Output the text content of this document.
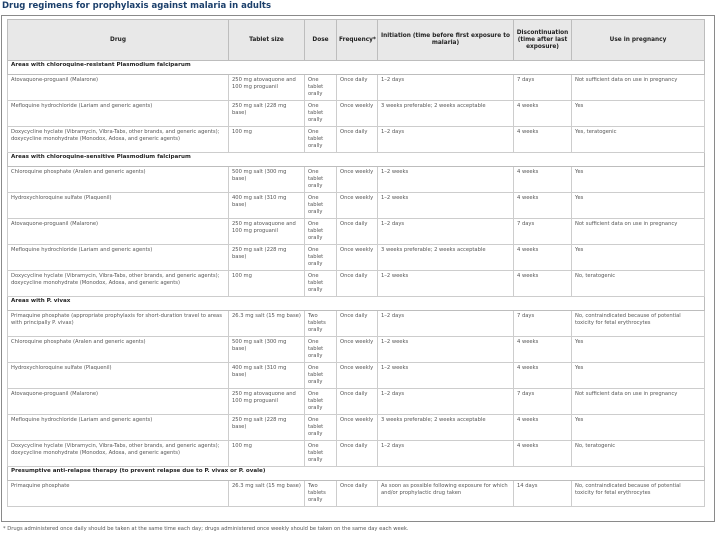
Drug regimens for prophylaxis against malaria in adults
Drug	Tablet size	Dose	Frequency*	Initiation (time before first exposure to malaria)	Discontinuation (time after last exposure)	Use in pregnancy
Areas with chloroquine-resistant Plasmodium falciparum						
Atovaquone-proguanil (Malarone)	250 mg atovaquone and 100 mg proguanil	One tablet orally	Once daily	1–2 days	7 days	Not sufficient data on use in pregnancy
Mefloquine hydrochloride (Lariam and generic agents)	250 mg salt (228 mg base)	One tablet orally	Once weekly	3 weeks preferable; 2 weeks acceptable	4 weeks	Yes
Doxycycline hyclate (Vibramycin, Vibra-Tabs, other brands, and generic agents); doxycycline monohydrate (Monodox, Adoxa, and generic agents)	100 mg	One tablet orally	Once daily	1–2 days	4 weeks	Yes, teratogenic
Areas with chloroquine-sensitive Plasmodium falciparum						
Chloroquine phosphate (Aralen and generic agents)	500 mg salt (300 mg base)	One tablet orally	Once weekly	1–2 weeks	4 weeks	Yes
Hydroxychloroquine sulfate (Plaquenil)	400 mg salt (310 mg base)	One tablet orally	Once weekly	1–2 weeks	4 weeks	Yes
Atovaquone-proguanil (Malarone)	250 mg atovaquone and 100 mg proguanil	One tablet orally	Once daily	1–2 days	7 days	Not sufficient data on use in pregnancy
Mefloquine hydrochloride (Lariam and generic agents)	250 mg salt (228 mg base)	One tablet orally	Once weekly	3 weeks preferable; 2 weeks acceptable	4 weeks	Yes
Doxycycline hyclate (Vibramycin, Vibra-Tabs, other brands, and generic agents); doxycycline monohydrate (Monodox, Adoxa, and generic agents)	100 mg	One tablet orally	Once daily	1–2 weeks	4 weeks	No, teratogenic
Areas with P. vivax						
Primaquine phosphate (appropriate prophylaxis for short-duration travel to areas with principally P. vivax)	26.3 mg salt (15 mg base)	Two tablets orally	Once daily	1–2 days	7 days	No, contraindicated because of potential toxicity for fetal erythrocytes
Chloroquine phosphate (Aralen and generic agents)	500 mg salt (300 mg base)	One tablet orally	Once weekly	1–2 weeks	4 weeks	Yes
Hydroxychloroquine sulfate (Plaquenil)	400 mg salt (310 mg base)	One tablet orally	Once weekly	1–2 weeks	4 weeks	Yes
Atovaquone-proguanil (Malarone)	250 mg atovaquone and 100 mg proguanil	One tablet orally	Once daily	1–2 days	7 days	Not sufficient data on use in pregnancy
Mefloquine hydrochloride (Lariam and generic agents)	250 mg salt (228 mg base)	One tablet orally	Once weekly	3 weeks preferable; 2 weeks acceptable	4 weeks	Yes
Doxycycline hyclate (Vibramycin, Vibra-Tabs, other brands, and generic agents); doxycycline monohydrate (Monodox, Adoxa, and generic agents)	100 mg	One tablet orally	Once daily	1–2 days	4 weeks	No, teratogenic
Presumptive anti-relapse therapy (to prevent relapse due to P. vivax or P. ovale)						
Primaquine phosphate	26.3 mg salt (15 mg base)	Two tablets orally	Once daily	As soon as possible following exposure for which and/or prophylactic drug taken	14 days	No, contraindicated because of potential toxicity for fetal erythrocytes
* Drugs administered once daily should be taken at the same time each day; drugs administered once weekly should be taken on the same day each week.
